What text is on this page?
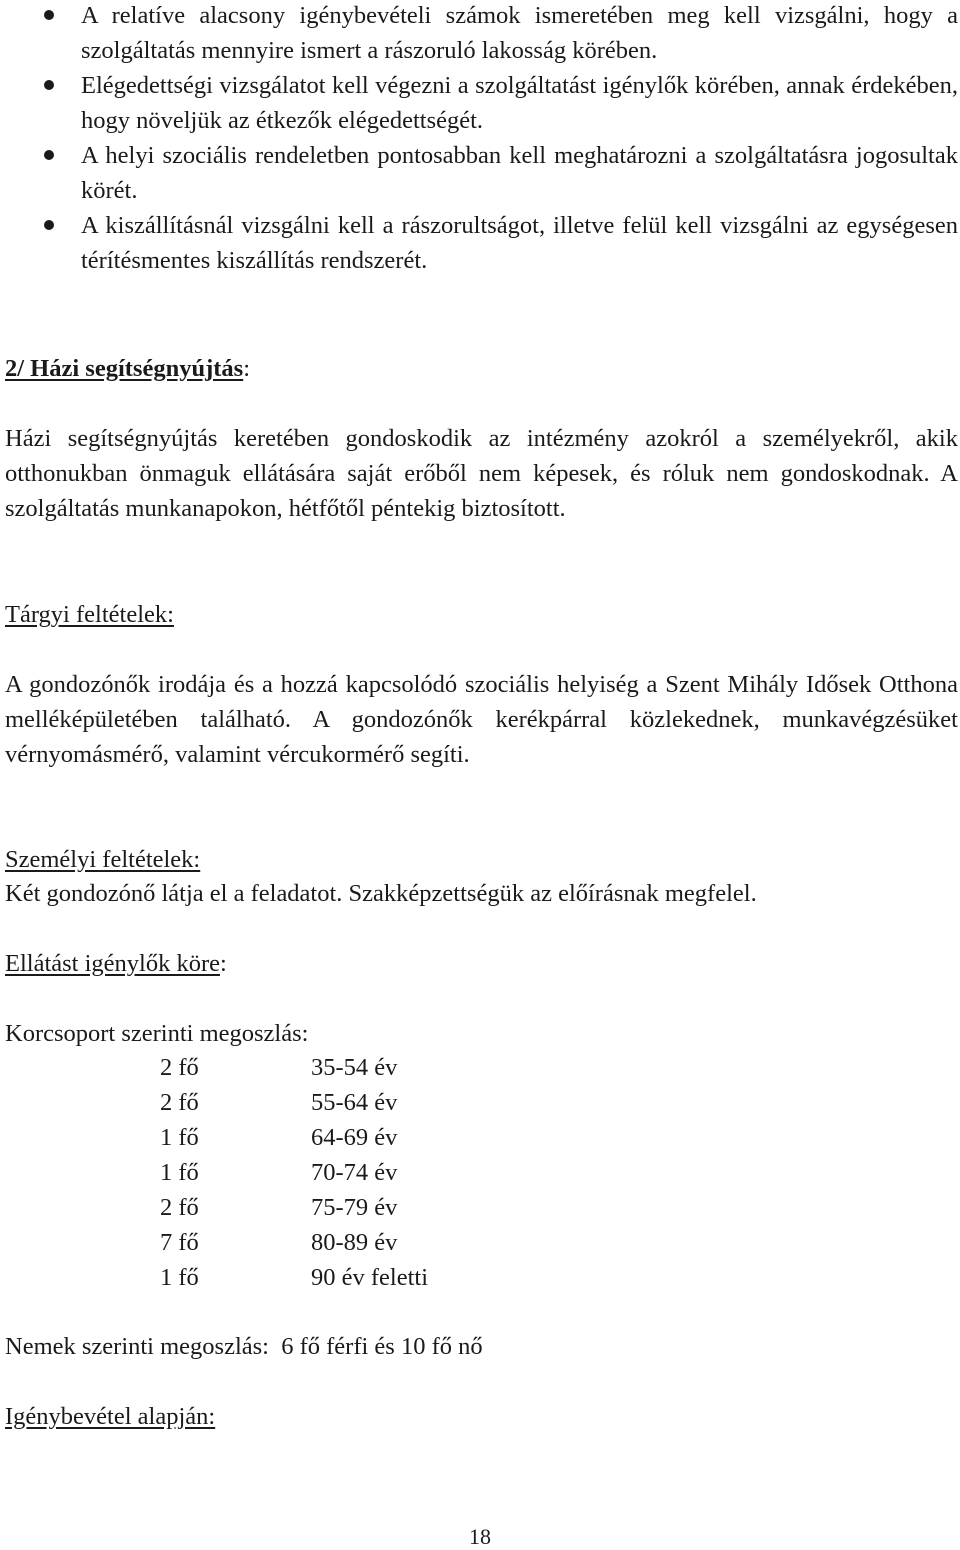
A relatíve alacsony igénybevételi számok ismeretében meg kell vizsgálni, hogy a szolgáltatás mennyire ismert a rászoruló lakosság körében.
Elégedettségi vizsgálatot kell végezni a szolgáltatást igénylők körében, annak érdekében, hogy növeljük az étkezők elégedettségét.
A helyi szociális rendeletben pontosabban kell meghatározni a szolgáltatásra jogosultak körét.
A kiszállításnál vizsgálni kell a rászorultságot, illetve felül kell vizsgálni az egységesen térítésmentes kiszállítás rendszerét.

2/ Házi segítségnyújtás:

Házi segítségnyújtás keretében gondoskodik az intézmény azokról a személyekről, akik otthonukban önmaguk ellátására saját erőből nem képesek, és róluk nem gondoskodnak. A szolgáltatás munkanapokon, hétfőtől péntekig biztosított.

Tárgyi feltételek:

A gondozónők irodája és a hozzá kapcsolódó szociális helyiség a Szent Mihály Idősek Otthona melléképületében található. A gondozónők kerékpárral közlekednek, munkavégzésüket vérnyomásmérő, valamint vércukormérő segíti.

Személyi feltételek:

Két gondozónő látja el a feladatot. Szakképzettségük az előírásnak megfelel.

Ellátást igénylők köre:

Korcsoport szerinti megoszlás:

2 fő	35-54 év
2 fő	55-64 év
1 fő	64-69 év
1 fő	70-74 év
2 fő	75-79 év
7 fő	80-89 év
1 fő	90 év feletti

Nemek szerinti megoszlás:  6 fő férfi és 10 fő nő

Igénybevétel alapján:

18
